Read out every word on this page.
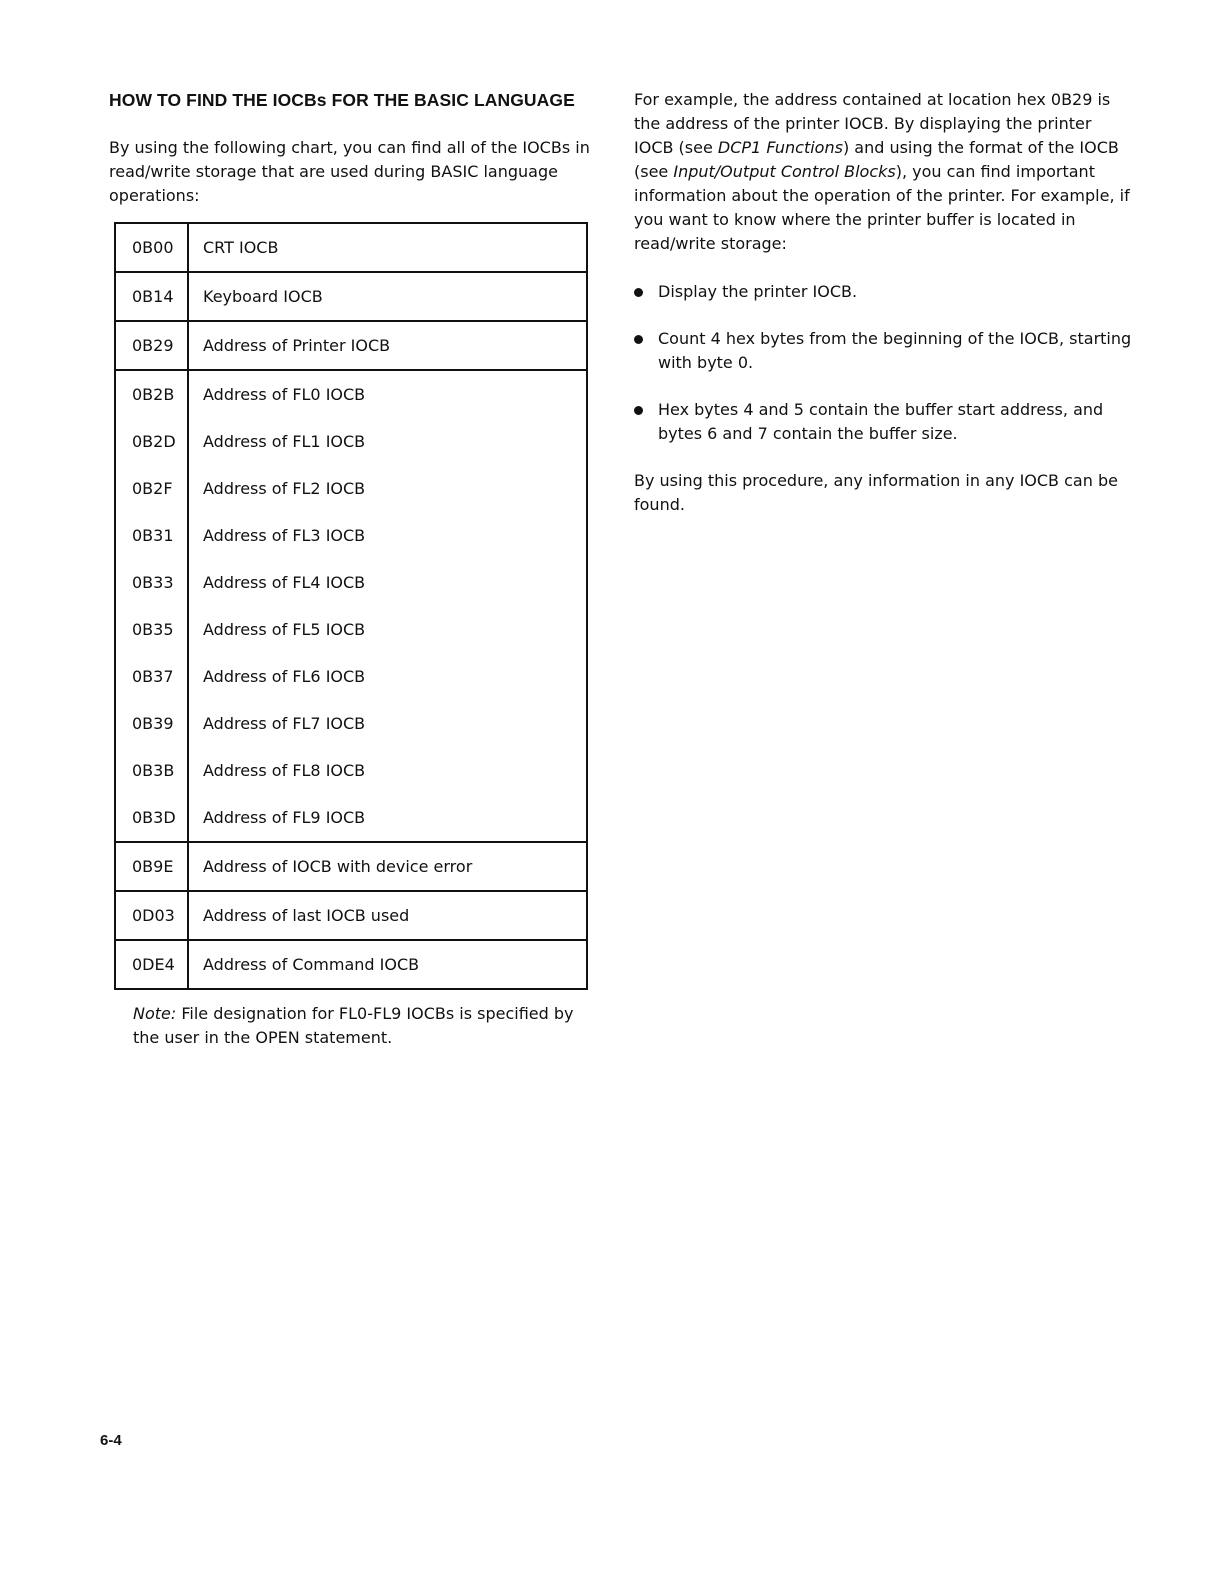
HOW TO FIND THE IOCBs FOR THE BASIC LANGUAGE

By using the following chart, you can find all of the IOCBs in read/write storage that are used during BASIC language operations:

0B00	CRT IOCB
0B14	Keyboard IOCB
0B29	Address of Printer IOCB
0B2B	Address of FL0 IOCB
0B2D	Address of FL1 IOCB
0B2F	Address of FL2 IOCB
0B31	Address of FL3 IOCB
0B33	Address of FL4 IOCB
0B35	Address of FL5 IOCB
0B37	Address of FL6 IOCB
0B39	Address of FL7 IOCB
0B3B	Address of FL8 IOCB
0B3D	Address of FL9 IOCB
0B9E	Address of IOCB with device error
0D03	Address of last IOCB used
0DE4	Address of Command IOCB

Note: File designation for FL0-FL9 IOCBs is specified by the user in the OPEN statement.

For example, the address contained at location hex 0B29 is the address of the printer IOCB. By displaying the printer IOCB (see DCP1 Functions) and using the format of the IOCB (see Input/Output Control Blocks), you can find important information about the operation of the printer. For example, if you want to know where the printer buffer is located in read/write storage:

Display the printer IOCB.
Count 4 hex bytes from the beginning of the IOCB, starting with byte 0.
Hex bytes 4 and 5 contain the buffer start address, and bytes 6 and 7 contain the buffer size.

By using this procedure, any information in any IOCB can be found.

6-4
